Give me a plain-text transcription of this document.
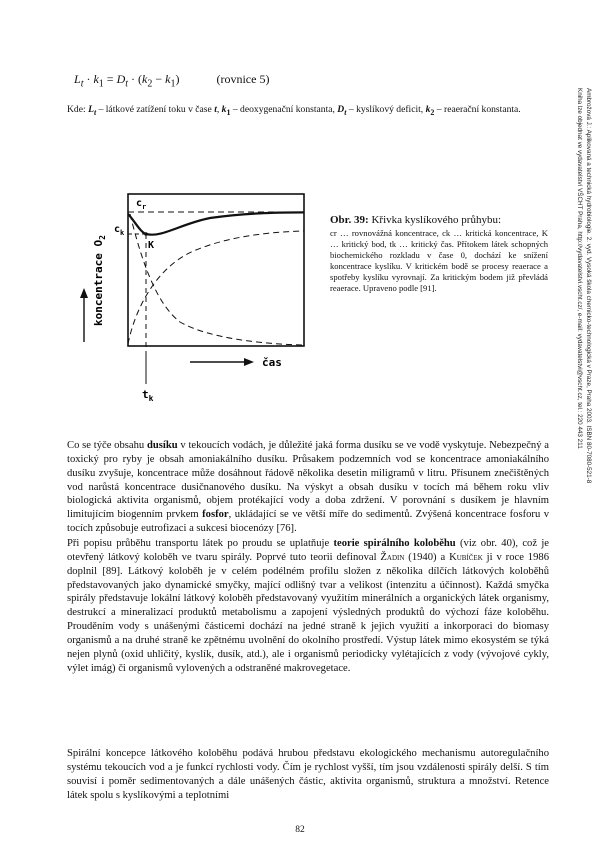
$L_t \cdot k_1 = D_t \cdot (k_2 - k_1)$	(rovnice 5)
Kde: $L_t$ – látkové zatížení toku v čase t, $k_1$ – deoxygenační konstanta, $D_t$ – kyslíkový deficit, $k_2$ – reaerační konstanta.
koncentrace $O_2$
čas
$c_r$
$c_k$
$t_k$
K
Obr. 39: Křivka kyslíkového průhybu:
cr … rovnovážná koncentrace, ck … kritická koncentrace, K … kritický bod, tk … kritický čas. Přítokem látek schopných biochemického rozkladu v čase 0, dochází ke snížení koncentrace kyslíku. V kritickém bodě se procesy reaerace a spotřeby kyslíku vyrovnají. Za kritickým bodem již převládá reaerace. Upraveno podle [91].

Co se týče obsahu dusíku v tekoucích vodách, je důležité jaká forma dusíku se ve vodě vyskytuje. Nebezpečný a toxický pro ryby je obsah amoniakálního dusíku. Průsakem podzemních vod se koncentrace amoniakálního dusíku zvyšuje, koncentrace může dosáhnout řádově několika desetin miligramů v litru. Přísunem znečištěných vod narůstá koncentrace dusičnanového dusíku. Na výskyt a obsah dusíku v tocích má během roku vliv biologická aktivita organismů, objem protékající vody a doba zdržení. V porovnání s dusíkem je hlavním limitujícím biogenním prvkem fosfor, ukládající se ve větší míře do sedimentů. Zvýšená koncentrace fosforu v tocích způsobuje eutrofizaci a sukcesi biocenózy [76].

Při popisu průběhu transportu látek po proudu se uplatňuje teorie spirálního koloběhu (viz obr. 40), což je otevřený látkový koloběh ve tvaru spirály. Poprvé tuto teorii definoval Žadin (1940) a Kubíček ji v roce 1986 doplnil [89]. Látkový koloběh je v celém podélném profilu složen z několika dílčích látkových koloběhů představovaných jako dynamické smyčky, mající odlišný tvar a velikost (intenzitu a účinnost). Každá smyčka spirály představuje lokální látkový koloběh představovaný využitím minerálních a organických látek organismy, destrukcí a mineralizací produktů metabolismu a zapojení výsledných produktů do výchozí fáze koloběhu. Prouděním vody s unášenými částicemi dochází na jedné straně k jejich využití a inkorporaci do biomasy organismů a na druhé straně ke zpětnému uvolnění do okolního prostředí. Výstup látek mimo ekosystém se týká nejen plynů (oxid uhličitý, kyslík, dusík, atd.), ale i organismů periodicky vylétajících z vody (vývojové cykly, výlet imág) či organismů vylovených a odstraněné makrovegetace.

Spirální koncepce látkového koloběhu podává hrubou představu ekologického mechanismu autoregulačního systému tekoucích vod a je funkcí rychlosti vody. Čím je rychlost vyšší, tím jsou vzdálenosti spirály delší. S tím souvisí i poměr sedimentovaných a dále unášených částic, aktivita organismů, struktura a množství. Retence látek spolu s kyslíkovými a teplotními

Ambrožová J.: Aplikovaná a technická hydrobiologie. 2. vyd. Vysoká škola chemicko-technologická v Praze, Praha 2003. ISBN 80-7080-521-8
Kniha lze objednat ve vydavatelství VŠCHT Praha, http://vydavatelstvi.vscht.cz/, e-mail: vydavatelstvi@vscht.cz, tel.: 220 443 211
82
